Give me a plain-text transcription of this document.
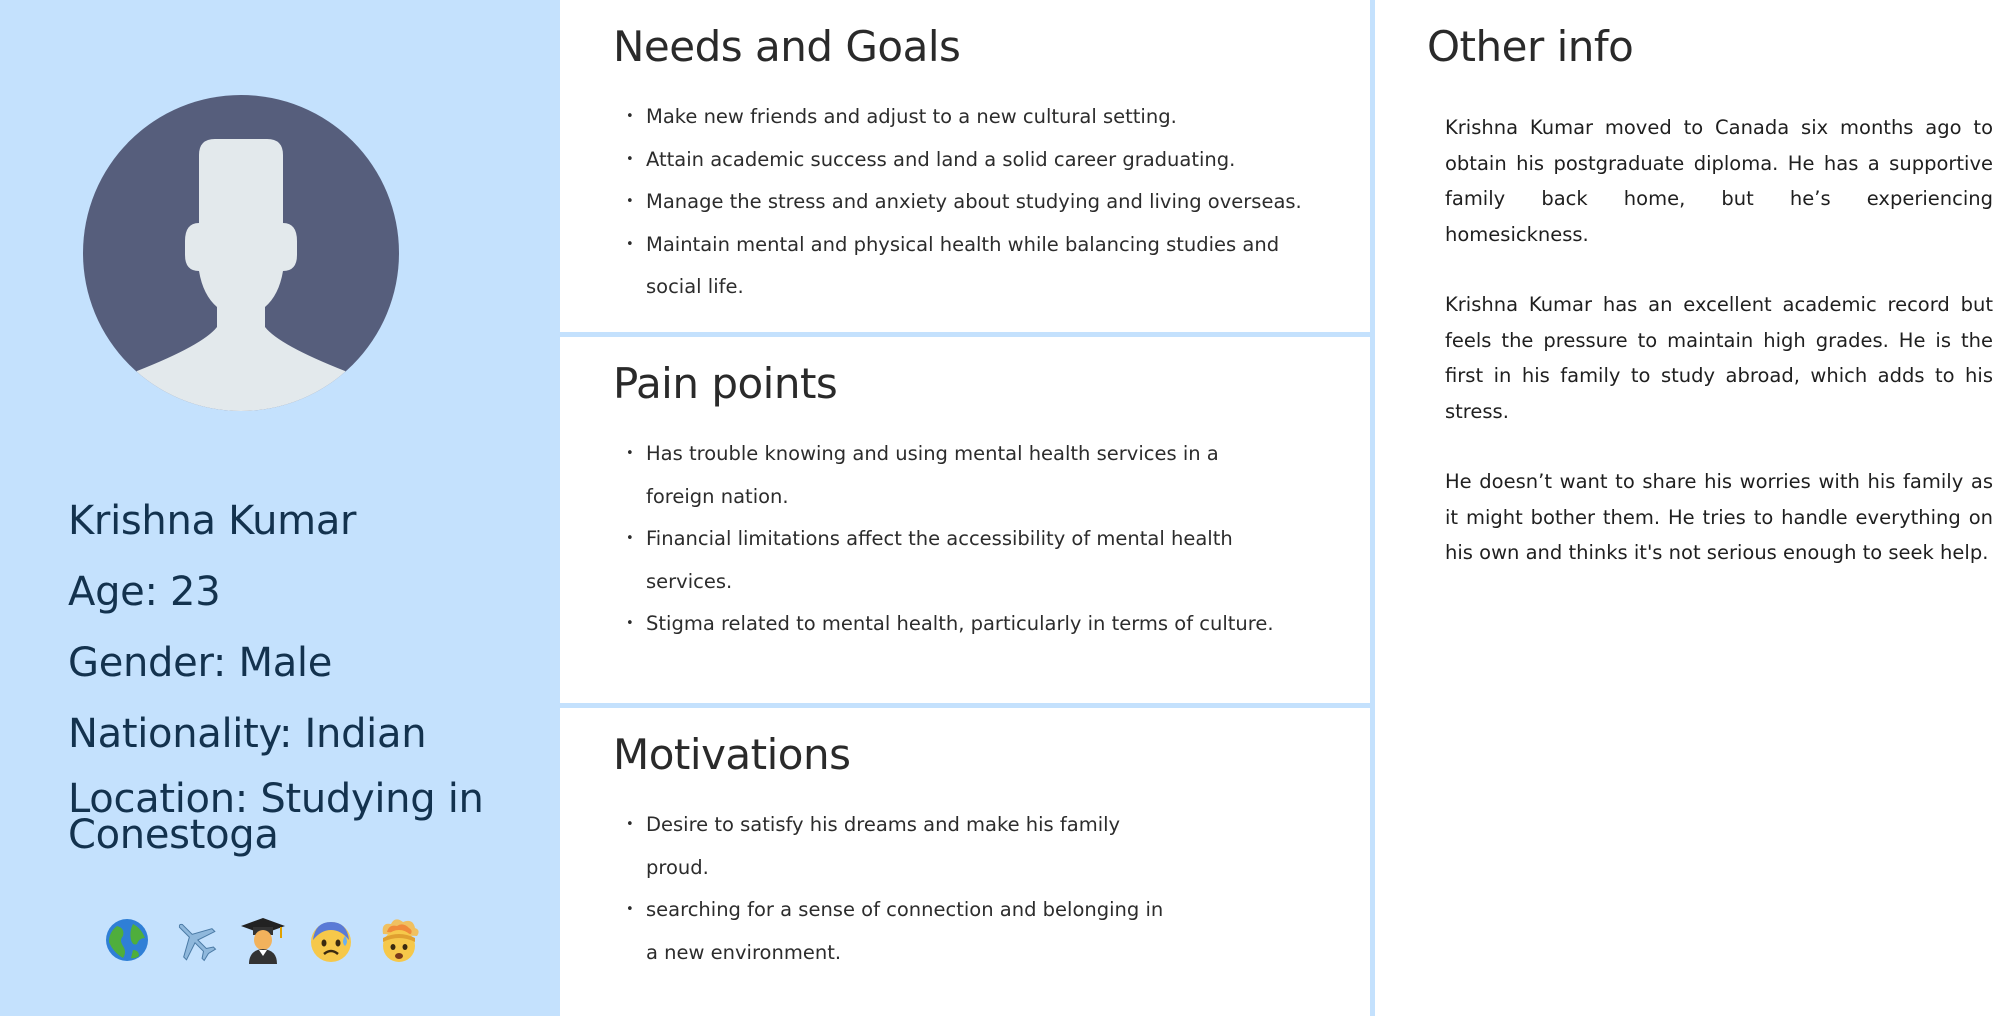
Krishna Kumar
Age: 23
Gender: Male
Nationality: Indian
Location: Studying in Conestoga
Needs and Goals
• Make new friends and adjust to a new cultural setting.
• Attain academic success and land a solid career graduating.
• Manage the stress and anxiety about studying and living overseas.
• Maintain mental and physical health while balancing studies and social life.
Pain points
• Has trouble knowing and using mental health services in a foreign nation.
• Financial limitations affect the accessibility of mental health services.
• Stigma related to mental health, particularly in terms of culture.
Motivations
• Desire to satisfy his dreams and make his family proud.
• searching for a sense of connection and belonging in a new environment.
Other info

Krishna Kumar moved to Canada six months ago to obtain his postgraduate diploma. He has a supportive family back home, but he’s experiencing homesickness.

Krishna Kumar has an excellent academic record but feels the pressure to maintain high grades. He is the first in his family to study abroad, which adds to his stress.

He doesn’t want to share his worries with his family as it might bother them. He tries to handle everything on his own and thinks it's not serious enough to seek help.
